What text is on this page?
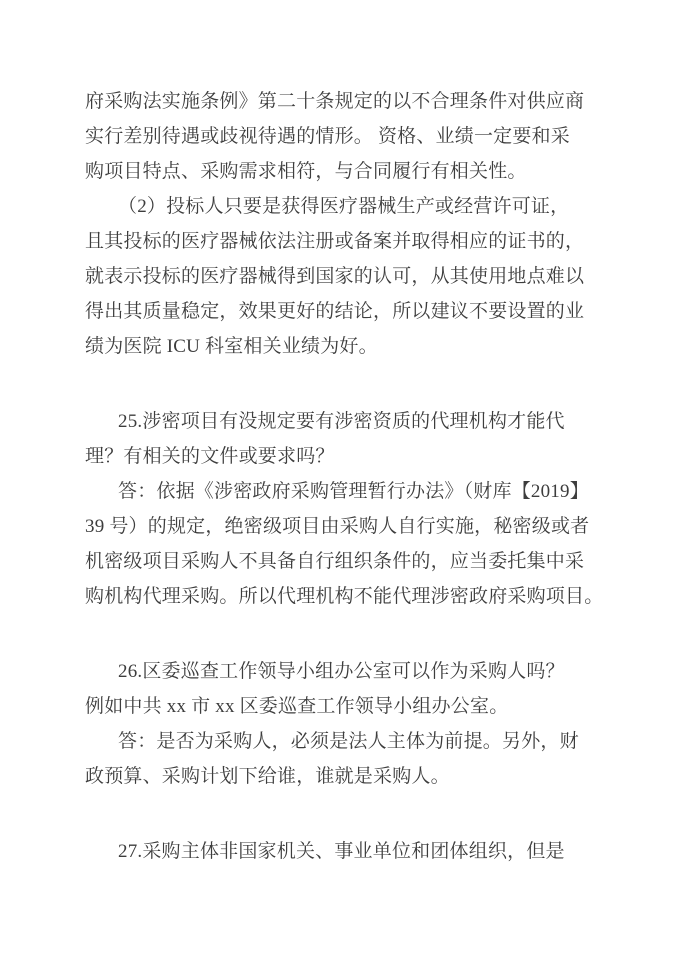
府采购法实施条例》第二十条规定的以不合理条件对供应商
实行差别待遇或歧视待遇的情形。 资格、业绩一定要和采
购项目特点、采购需求相符，与合同履行有相关性。
（2）投标人只要是获得医疗器械生产或经营许可证，
且其投标的医疗器械依法注册或备案并取得相应的证书的，
就表示投标的医疗器械得到国家的认可，从其使用地点难以
得出其质量稳定，效果更好的结论，所以建议不要设置的业
绩为医院 ICU 科室相关业绩为好。
25.涉密项目有没规定要有涉密资质的代理机构才能代
理？有相关的文件或要求吗？
答：依据《涉密政府采购管理暂行办法》（财库【2019】
39 号）的规定，绝密级项目由采购人自行实施，秘密级或者
机密级项目采购人不具备自行组织条件的，应当委托集中采
购机构代理采购。所以代理机构不能代理涉密政府采购项目。
26.区委巡查工作领导小组办公室可以作为采购人吗？
例如中共 xx 市 xx 区委巡查工作领导小组办公室。
答：是否为采购人，必须是法人主体为前提。另外，财
政预算、采购计划下给谁，谁就是采购人。
27.采购主体非国家机关、事业单位和团体组织，但是
